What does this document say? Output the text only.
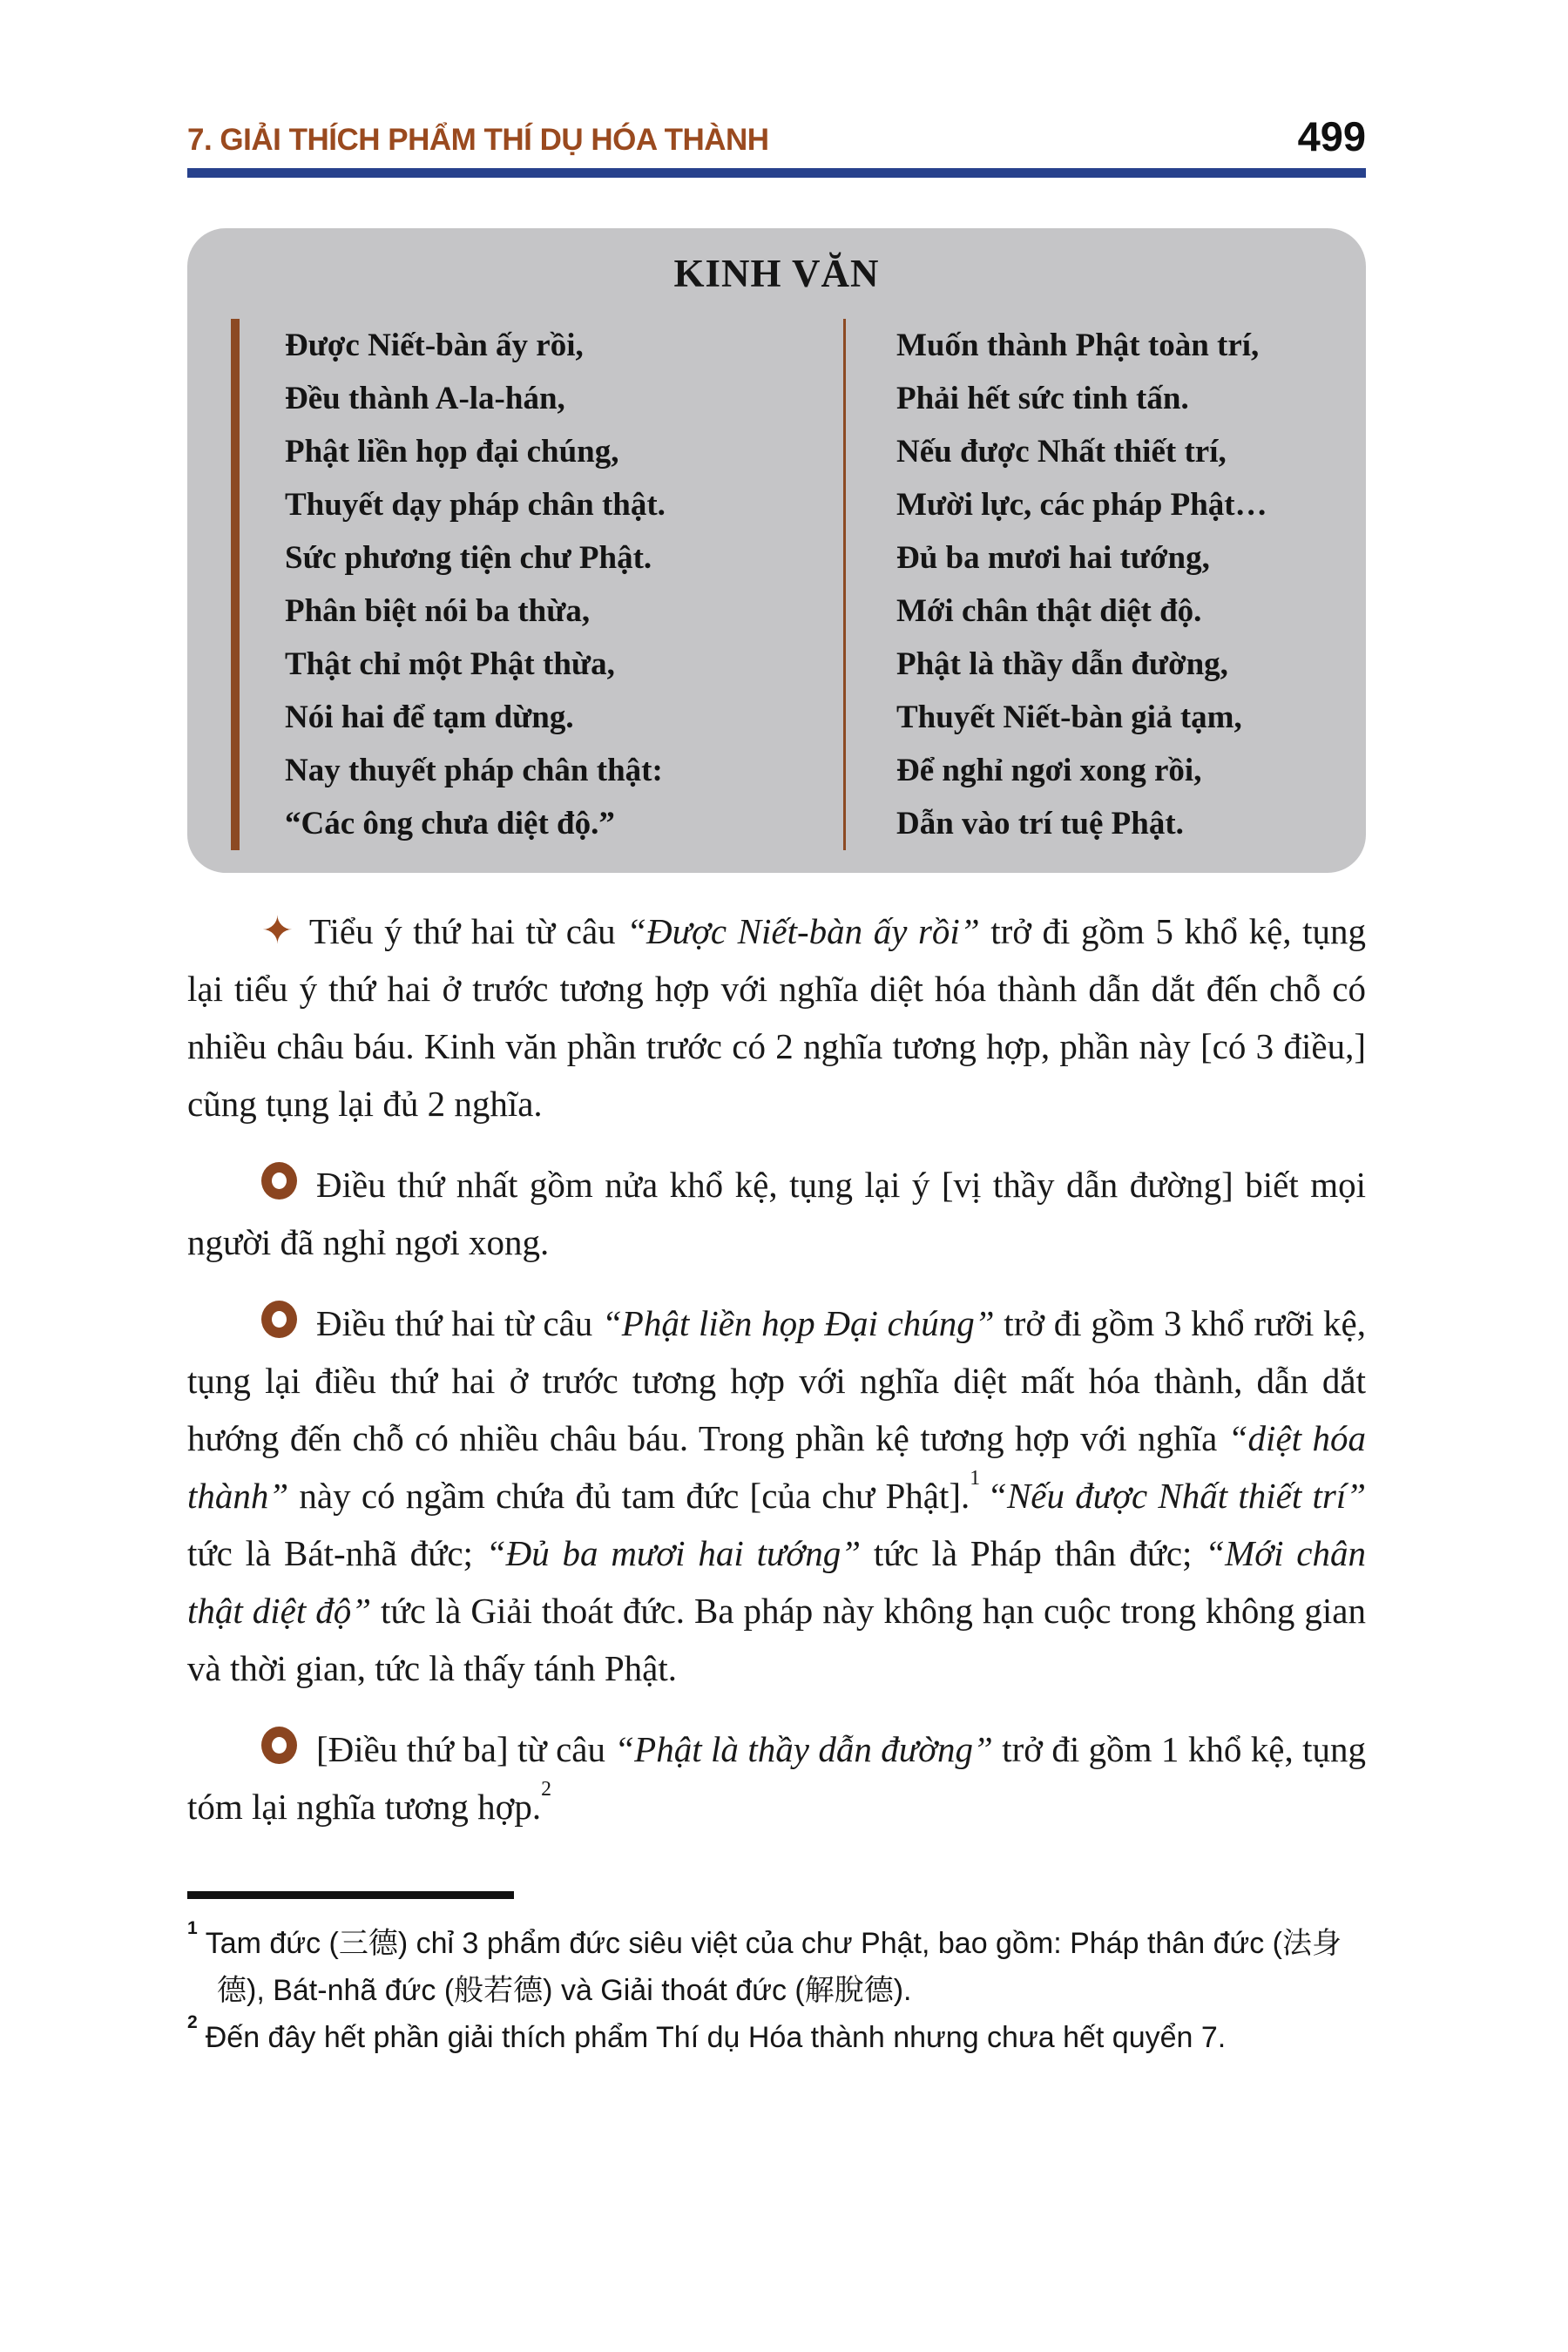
7. GIẢI THÍCH PHẨM THÍ DỤ HÓA THÀNH	499
KINH VĂN
Được Niết-bàn ấy rồi,
Đều thành A-la-hán,
Phật liền họp đại chúng,
Thuyết dạy pháp chân thật.
Sức phương tiện chư Phật.
Phân biệt nói ba thừa,
Thật chỉ một Phật thừa,
Nói hai để tạm dừng.
Nay thuyết pháp chân thật:
“Các ông chưa diệt độ.”
Muốn thành Phật toàn trí,
Phải hết sức tinh tấn.
Nếu được Nhất thiết trí,
Mười lực, các pháp Phật…
Đủ ba mươi hai tướng,
Mới chân thật diệt độ.
Phật là thầy dẫn đường,
Thuyết Niết-bàn giả tạm,
Để nghỉ ngơi xong rồi,
Dẫn vào trí tuệ Phật.

✦ Tiểu ý thứ hai từ câu “Được Niết-bàn ấy rồi” trở đi gồm 5 khổ kệ, tụng lại tiểu ý thứ hai ở trước tương hợp với nghĩa diệt hóa thành dẫn dắt đến chỗ có nhiều châu báu. Kinh văn phần trước có 2 nghĩa tương hợp, phần này [có 3 điều,] cũng tụng lại đủ 2 nghĩa.

Điều thứ nhất gồm nửa khổ kệ, tụng lại ý [vị thầy dẫn đường] biết mọi người đã nghỉ ngơi xong.

Điều thứ hai từ câu “Phật liền họp Đại chúng” trở đi gồm 3 khổ rưỡi kệ, tụng lại điều thứ hai ở trước tương hợp với nghĩa diệt mất hóa thành, dẫn dắt hướng đến chỗ có nhiều châu báu. Trong phần kệ tương hợp với nghĩa “diệt hóa thành” này có ngầm chứa đủ tam đức [của chư Phật].$^1$ “Nếu được Nhất thiết trí” tức là Bát-nhã đức; “Đủ ba mươi hai tướng” tức là Pháp thân đức; “Mới chân thật diệt độ” tức là Giải thoát đức. Ba pháp này không hạn cuộc trong không gian và thời gian, tức là thấy tánh Phật.

[Điều thứ ba] từ câu “Phật là thầy dẫn đường” trở đi gồm 1 khổ kệ, tụng tóm lại nghĩa tương hợp.$^2$

$^1$ Tam đức (三德) chỉ 3 phẩm đức siêu việt của chư Phật, bao gồm: Pháp thân đức (法身德), Bát-nhã đức (般若德) và Giải thoát đức (解脫德).

$^2$ Đến đây hết phần giải thích phẩm Thí dụ Hóa thành nhưng chưa hết quyển 7.
